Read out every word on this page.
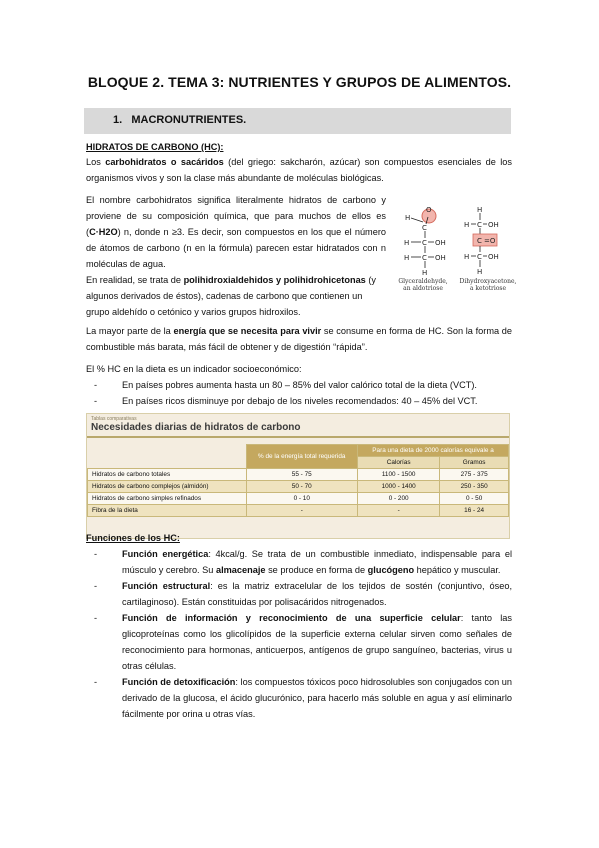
BLOQUE 2. TEMA 3: NUTRIENTES Y GRUPOS DE ALIMENTOS.
1.   MACRONUTRIENTES.
HIDRATOS DE CARBONO (HC):
Los carbohidratos o sacáridos (del griego: sakcharón, azúcar) son compuestos esenciales de los organismos vivos y son la clase más abundante de moléculas biológicas.
El nombre carbohidratos significa literalmente hidratos de carbono y proviene de su composición química, que para muchos de ellos es (C·H2O) n, donde n ≥3. Es decir, son compuestos en los que el número de átomos de carbono (n en la fórmula) parecen estar hidratados con n moléculas de agua.
O
H
C
H C OH
H C OH
H
H
H C OH
C =O
H C OH
H
Glyceraldehyde,
an aldotriose
Dihydroxyacetone,
a ketotriose
En realidad, se trata de polihidroxialdehidos y polihidrohicetonas (y algunos derivados de éstos), cadenas de carbono que contienen un grupo aldehído o cetónico y varios grupos hidroxilos.
La mayor parte de la energía que se necesita para vivir se consume en forma de HC. Son la forma de combustible más barata, más fácil de obtener y de digestión “rápida”.
El % HC en la dieta es un indicador socioeconómico:
- En países pobres aumenta hasta un 80 – 85% del valor calórico total de la dieta (VCT).
- En países ricos disminuye por debajo de los niveles recomendados: 40 – 45% del VCT.
Tablas comparativas
Necesidades diarias de hidratos de carbono
	% de la energía total requerida	Para una dieta de 2000 calorías equivale a	
		Calorías	Gramos
Hidratos de carbono totales	55 - 75	1100 - 1500	275 - 375
Hidratos de carbono complejos (almidón)	50 - 70	1000 - 1400	250 - 350
Hidratos de carbono simples refinados	0 - 10	0 - 200	0 - 50
Fibra de la dieta	-	-	16 - 24
Funciones de los HC:
- Función energética: 4kcal/g. Se trata de un combustible inmediato, indispensable para el músculo y cerebro. Su almacenaje se produce en forma de glucógeno hepático y muscular.
- Función estructural: es la matriz extracelular de los tejidos de sostén (conjuntivo, óseo, cartilaginoso). Están constituidas por polisacáridos nitrogenados.
- Función de información y reconocimiento de una superficie celular: tanto las glicoproteínas como los glicolípidos de la superficie externa celular sirven como señales de reconocimiento para hormonas, anticuerpos, antígenos de grupo sanguíneo, bacterias, virus u otras células.
- Función de detoxificación: los compuestos tóxicos poco hidrosolubles son conjugados con un derivado de la glucosa, el ácido glucurónico, para hacerlo más soluble en agua y así eliminarlo fácilmente por orina u otras vías.
